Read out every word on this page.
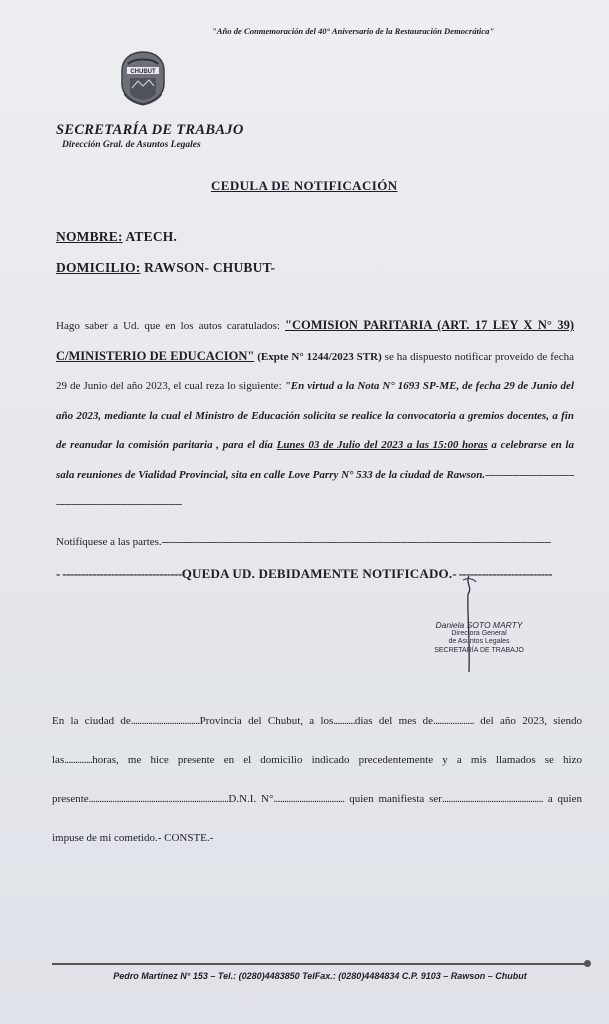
"Año de Conmemoración del 40° Aniversario de la Restauración Democrática"
CHUBUT
SECRETARÍA DE TRABAJO
Dirección Gral. de Asuntos Legales
CEDULA DE NOTIFICACIÓN
NOMBRE: ATECH.
DOMICILIO: RAWSON- CHUBUT-
Hago saber a Ud. que en los autos caratulados: "COMISION PARITARIA (ART. 17 LEY X N° 39) C/MINISTERIO DE EDUCACION" (Expte N° 1244/2023 STR) se ha dispuesto notificar proveído de fecha 29 de Junio del año 2023, el cual reza lo siguiente: "En virtud a la Nota N° 1693 SP-ME, de fecha 29 de Junio del año 2023, mediante la cual el Ministro de Educación solicita se realice la convocatoria a gremios docentes, a fin de reanudar la comisión paritaria , para el día Lunes 03 de Julio del 2023 a las 15:00 horas a celebrarse en la sala reuniones de Vialidad Provincial, sita en calle Love Parry N° 533 de la ciudad de Rawson.----------------------------------------------------------------------
Notifíquese a las partes.-------------------------------------------------------------------------------------------------------------------------------
- --------------------------------QUEDA UD. DEBIDAMENTE NOTIFICADO.- -------------------------
Daniela SOTO MARTY
Directora General
de Asuntos Legales
SECRETARÍA DE TRABAJO
En la ciudad de................................Provincia del Chubut, a los..........días del mes de................... del año 2023, siendo las.............horas, me hice presente en el domicilio indicado precedentemente y a mis llamados se hizo presente.................................................................D.N.I. N°................................. quien manifiesta ser............................................... a quien impuse de mi cometido.- CONSTE.-
Pedro Martínez N° 153 – Tel.: (0280)4483850 TelFax.: (0280)4484834 C.P. 9103 – Rawson – Chubut
